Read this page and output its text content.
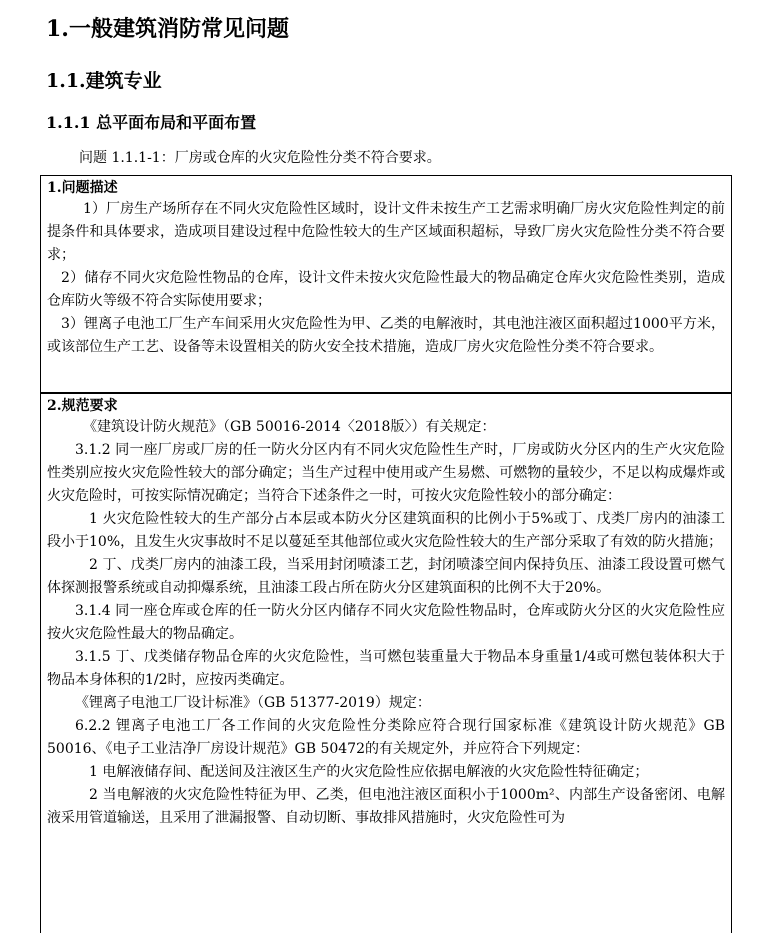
1.一般建筑消防常见问题
1.1.建筑专业
1.1.1 总平面布局和平面布置
问题 1.1.1-1：厂房或仓库的火灾危险性分类不符合要求。
1.问题描述
1）厂房生产场所存在不同火灾危险性区域时，设计文件未按生产工艺需求明确厂房火灾危险性判定的前提条件和具体要求，造成项目建设过程中危险性较大的生产区域面积超标，导致厂房火灾危险性分类不符合要求；
2）储存不同火灾危险性物品的仓库，设计文件未按火灾危险性最大的物品确定仓库火灾危险性类别，造成仓库防火等级不符合实际使用要求；
3）锂离子电池工厂生产车间采用火灾危险性为甲、乙类的电解液时，其电池注液区面积超过1000平方米，或该部位生产工艺、设备等未设置相关的防火安全技术措施，造成厂房火灾危险性分类不符合要求。
2.规范要求
《建筑设计防火规范》（GB 50016-2014〈2018版〉）有关规定：
3.1.2 同一座厂房或厂房的任一防火分区内有不同火灾危险性生产时，厂房或防火分区内的生产火灾危险性类别应按火灾危险性较大的部分确定；当生产过程中使用或产生易燃、可燃物的量较少，不足以构成爆炸或火灾危险时，可按实际情况确定；当符合下述条件之一时，可按火灾危险性较小的部分确定：
1 火灾危险性较大的生产部分占本层或本防火分区建筑面积的比例小于5%或丁、戊类厂房内的油漆工段小于10%，且发生火灾事故时不足以蔓延至其他部位或火灾危险性较大的生产部分采取了有效的防火措施；
2 丁、戊类厂房内的油漆工段，当采用封闭喷漆工艺，封闭喷漆空间内保持负压、油漆工段设置可燃气体探测报警系统或自动抑爆系统，且油漆工段占所在防火分区建筑面积的比例不大于20%。
3.1.4 同一座仓库或仓库的任一防火分区内储存不同火灾危险性物品时，仓库或防火分区的火灾危险性应按火灾危险性最大的物品确定。
3.1.5 丁、戊类储存物品仓库的火灾危险性，当可燃包装重量大于物品本身重量1/4或可燃包装体积大于物品本身体积的1/2时，应按丙类确定。
《锂离子电池工厂设计标准》（GB 51377-2019）规定：
6.2.2 锂离子电池工厂各工作间的火灾危险性分类除应符合现行国家标准《建筑设计防火规范》GB 50016、《电子工业洁净厂房设计规范》GB 50472的有关规定外，并应符合下列规定：
1 电解液储存间、配送间及注液区生产的火灾危险性应依据电解液的火灾危险性特征确定；
2 当电解液的火灾危险性特征为甲、乙类，但电池注液区面积小于1000m²、内部生产设备密闭、电解液采用管道输送，且采用了泄漏报警、自动切断、事故排风措施时，火灾危险性可为
